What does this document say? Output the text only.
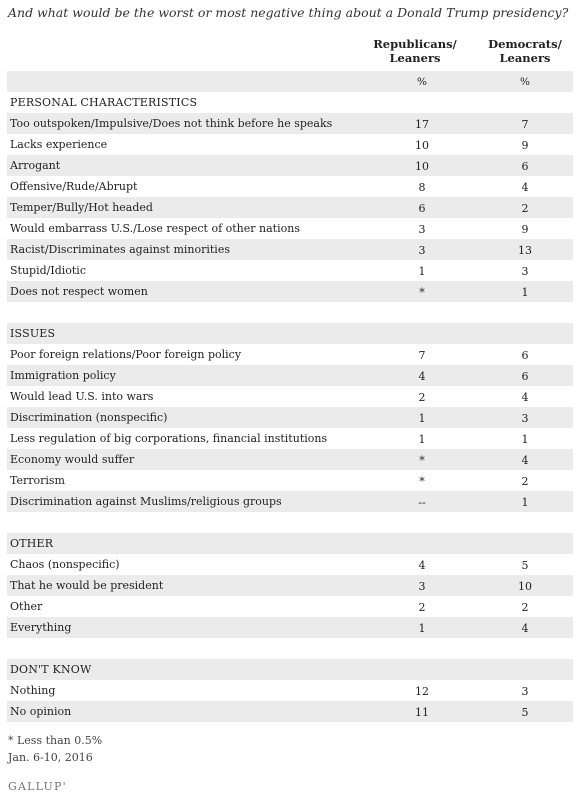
And what would be the worst or most negative thing about a Donald Trump presidency?
Republicans/ Leaners
Democrats/ Leaners
%	%
PERSONAL CHARACTERISTICS
Too outspoken/Impulsive/Does not think before he speaks	17	7
Lacks experience	10	9
Arrogant	10	6
Offensive/Rude/Abrupt	8	4
Temper/Bully/Hot headed	6	2
Would embarrass U.S./Lose respect of other nations	3	9
Racist/Discriminates against minorities	3	13
Stupid/Idiotic	1	3
Does not respect women	*	1
ISSUES
Poor foreign relations/Poor foreign policy	7	6
Immigration policy	4	6
Would lead U.S. into wars	2	4
Discrimination (nonspecific)	1	3
Less regulation of big corporations, financial institutions	1	1
Economy would suffer	*	4
Terrorism	*	2
Discrimination against Muslims/religious groups	--	1
OTHER
Chaos (nonspecific)	4	5
That he would be president	3	10
Other	2	2
Everything	1	4
DON'T KNOW
Nothing	12	3
No opinion	11	5
* Less than 0.5%
Jan. 6-10, 2016
GALLUP'
